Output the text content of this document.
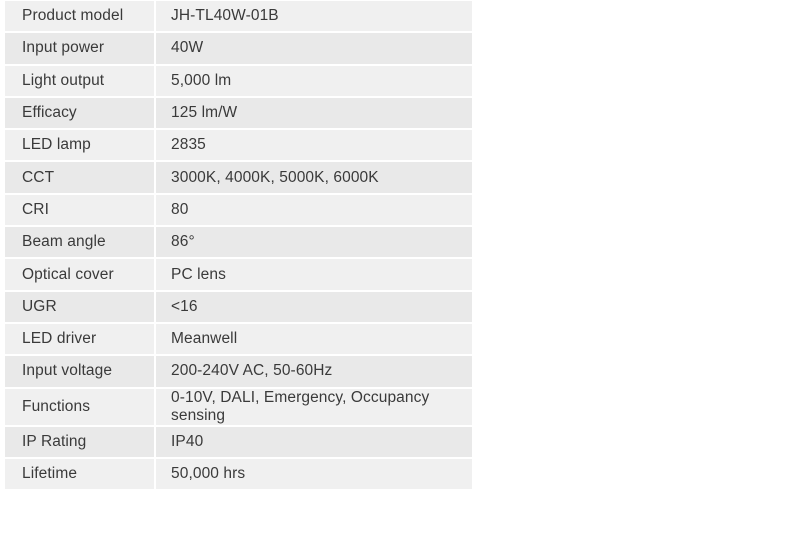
Product model	JH-TL40W-01B
Input power	40W
Light output	5,000 lm
Efficacy	125 lm/W
LED lamp	2835
CCT	3000K, 4000K, 5000K, 6000K
CRI	80
Beam angle	86°
Optical cover	PC lens
UGR	<16
LED driver	Meanwell
Input voltage	200-240V AC, 50-60Hz
Functions	0-10V, DALI, Emergency, Occupancy sensing
IP Rating	IP40
Lifetime	50,000 hrs
